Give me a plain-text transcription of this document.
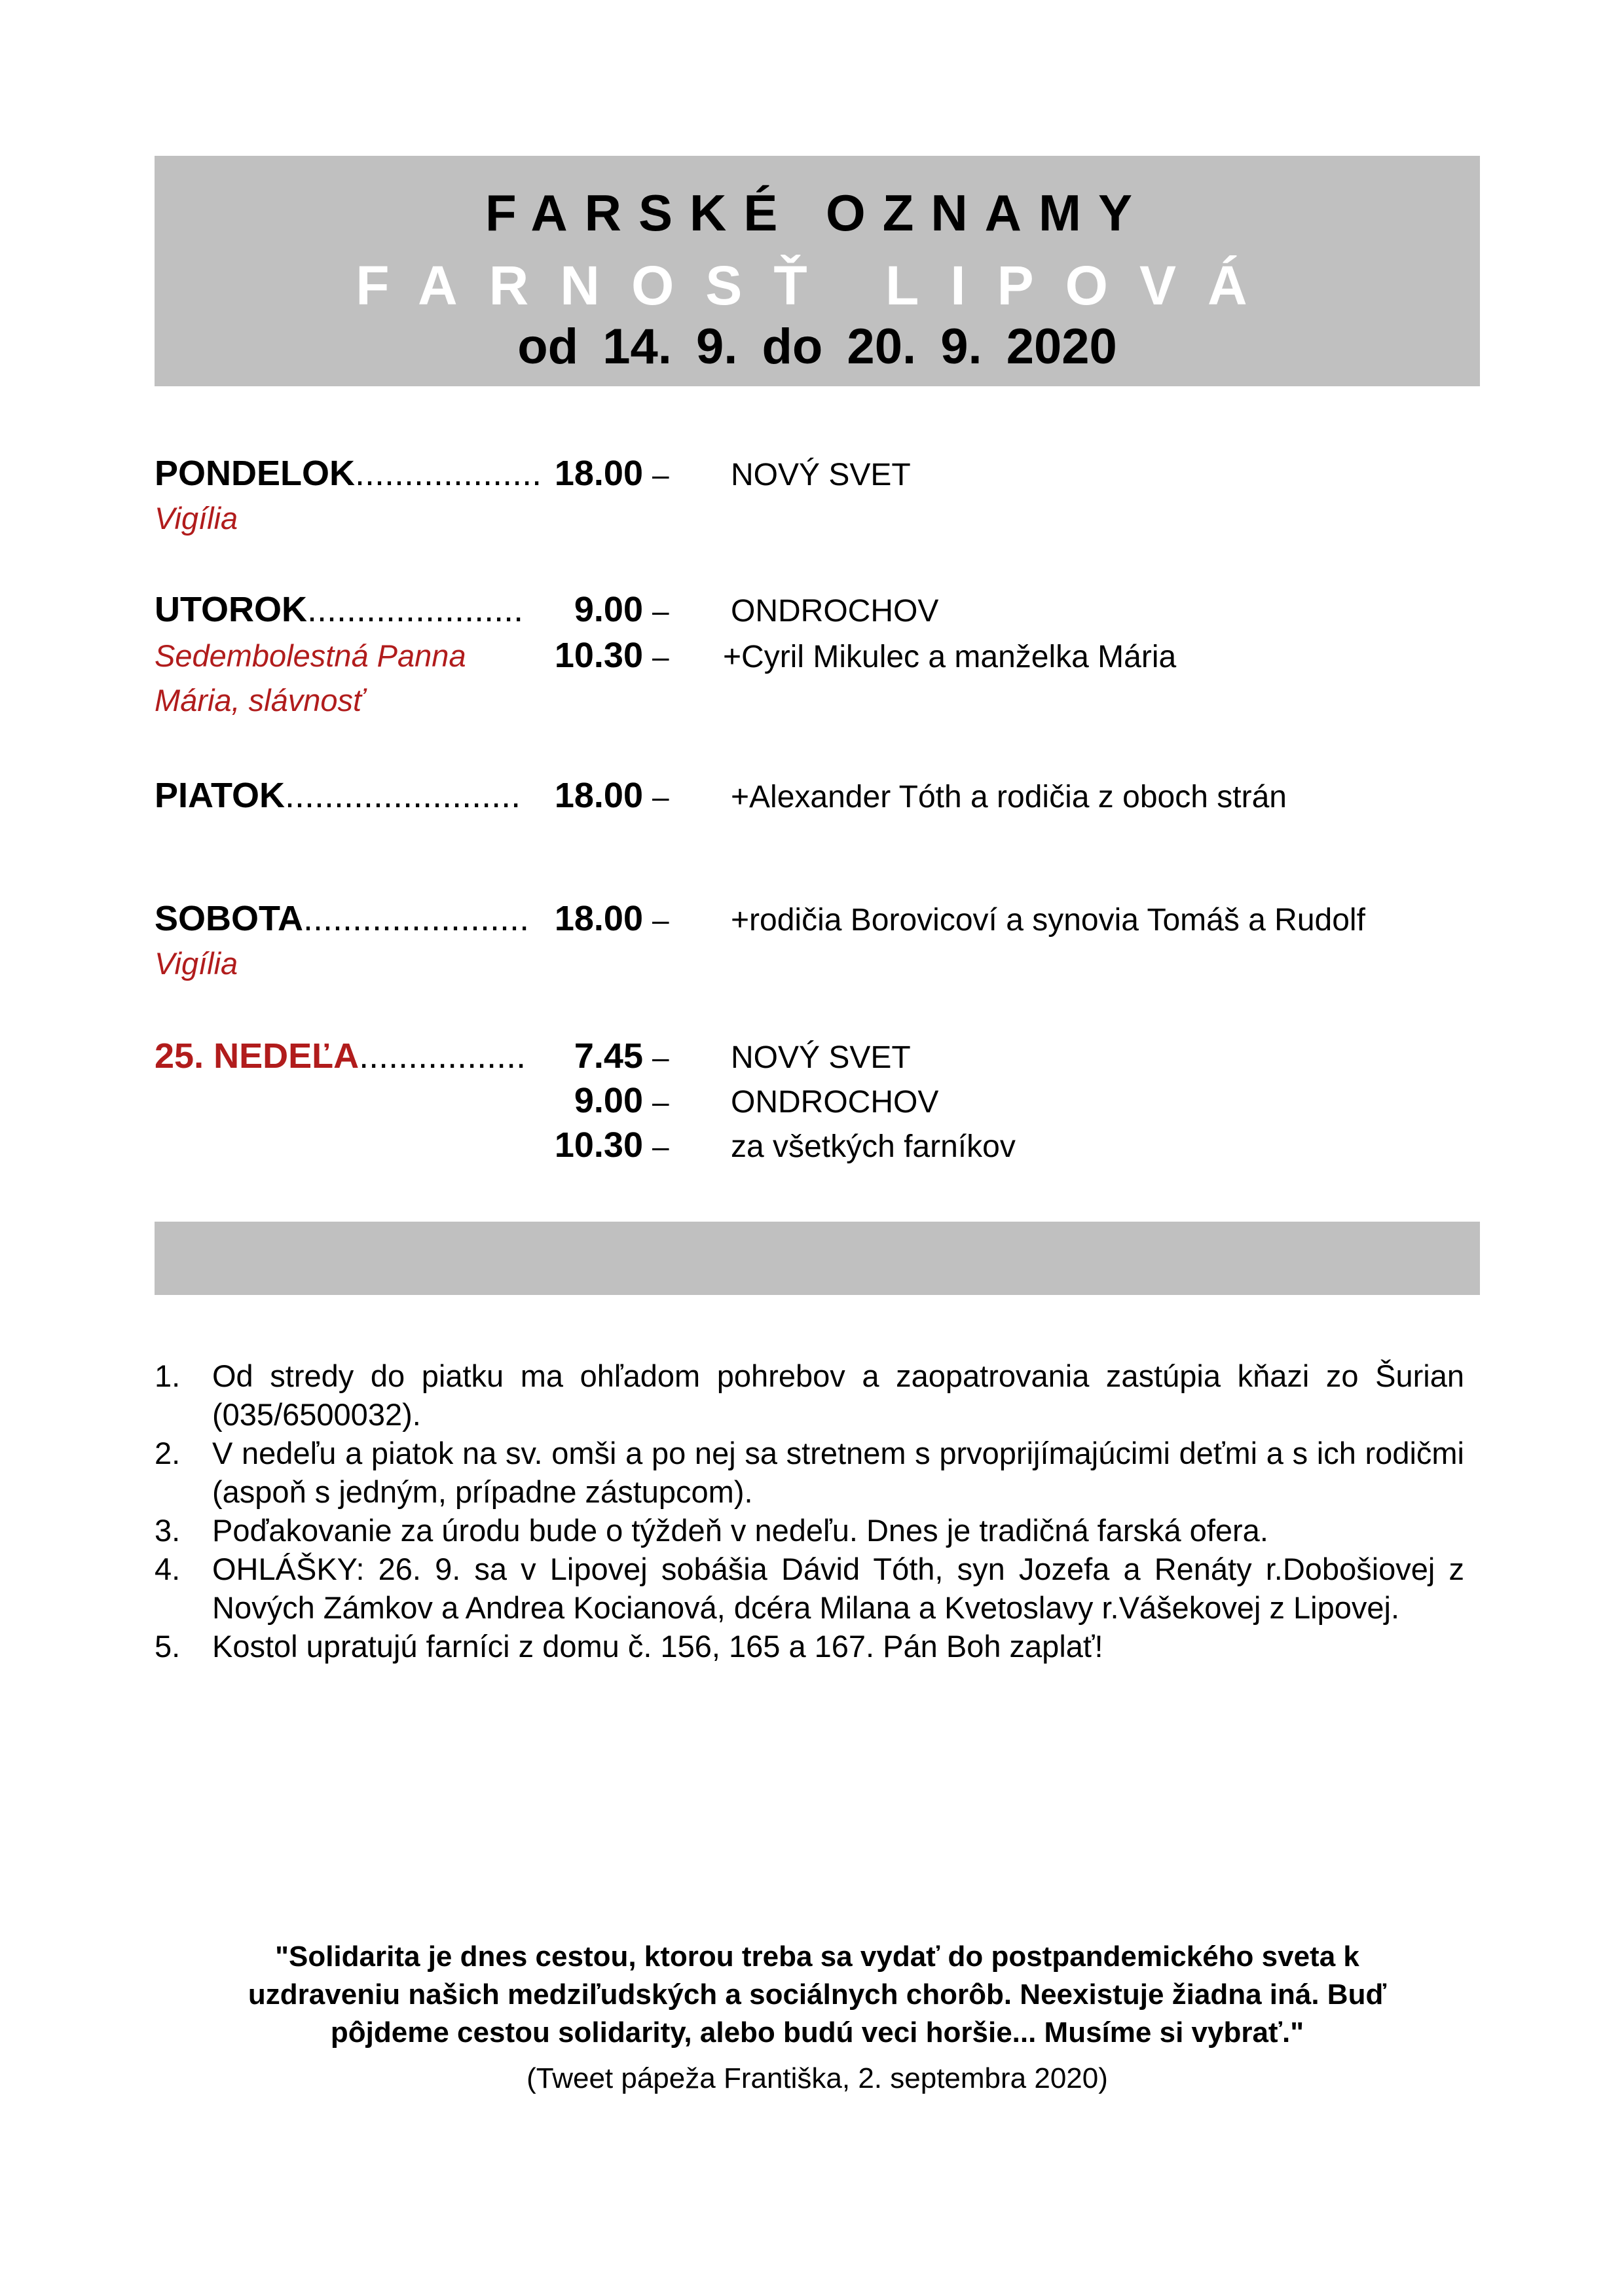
FARSKÉ OZNAMY
FARNOSŤ LIPOVÁ
od 14. 9. do 20. 9. 2020
PONDELOK...................
Vigília
18.00 – NOVÝ SVET
UTOROK......................
Sedembolestná Panna
Mária, slávnosť
9.00 – ONDROCHOV
10.30 – +Cyril Mikulec a manželka Mária
PIATOK........................ 18.00 – +Alexander Tóth a rodičia z oboch strán
SOBOTA.......................
Vigília
18.00 – +rodičia Borovicoví a synovia Tomáš a Rudolf
25. NEDEĽA.................	7.45 – NOVÝ SVET
9.00 – ONDROCHOV
10.30 – za všetkých farníkov
1. Od stredy do piatku ma ohľadom pohrebov a zaopatrovania zastúpia kňazi zo Šurian (035/6500032).
2. V nedeľu a piatok na sv. omši a po nej sa stretnem s prvoprijímajúcimi deťmi a s ich rodičmi (aspoň s jedným, prípadne zástupcom).
3. Poďakovanie za úrodu bude o týždeň v nedeľu. Dnes je tradičná farská ofera.
4. OHLÁŠKY: 26. 9. sa v Lipovej sobášia Dávid Tóth, syn Jozefa a Renáty r.Dobošiovej z Nových Zámkov a Andrea Kocianová, dcéra Milana a Kvetoslavy r.Vášekovej z Lipovej.
5. Kostol upratujú farníci z domu č. 156, 165 a 167. Pán Boh zaplať!
"Solidarita je dnes cestou, ktorou treba sa vydať do postpandemického sveta k
uzdraveniu našich medziľudských a sociálnych chorôb. Neexistuje žiadna iná. Buď
pôjdeme cestou solidarity, alebo budú veci horšie... Musíme si vybrať."
(Tweet pápeža Františka, 2. septembra 2020)
